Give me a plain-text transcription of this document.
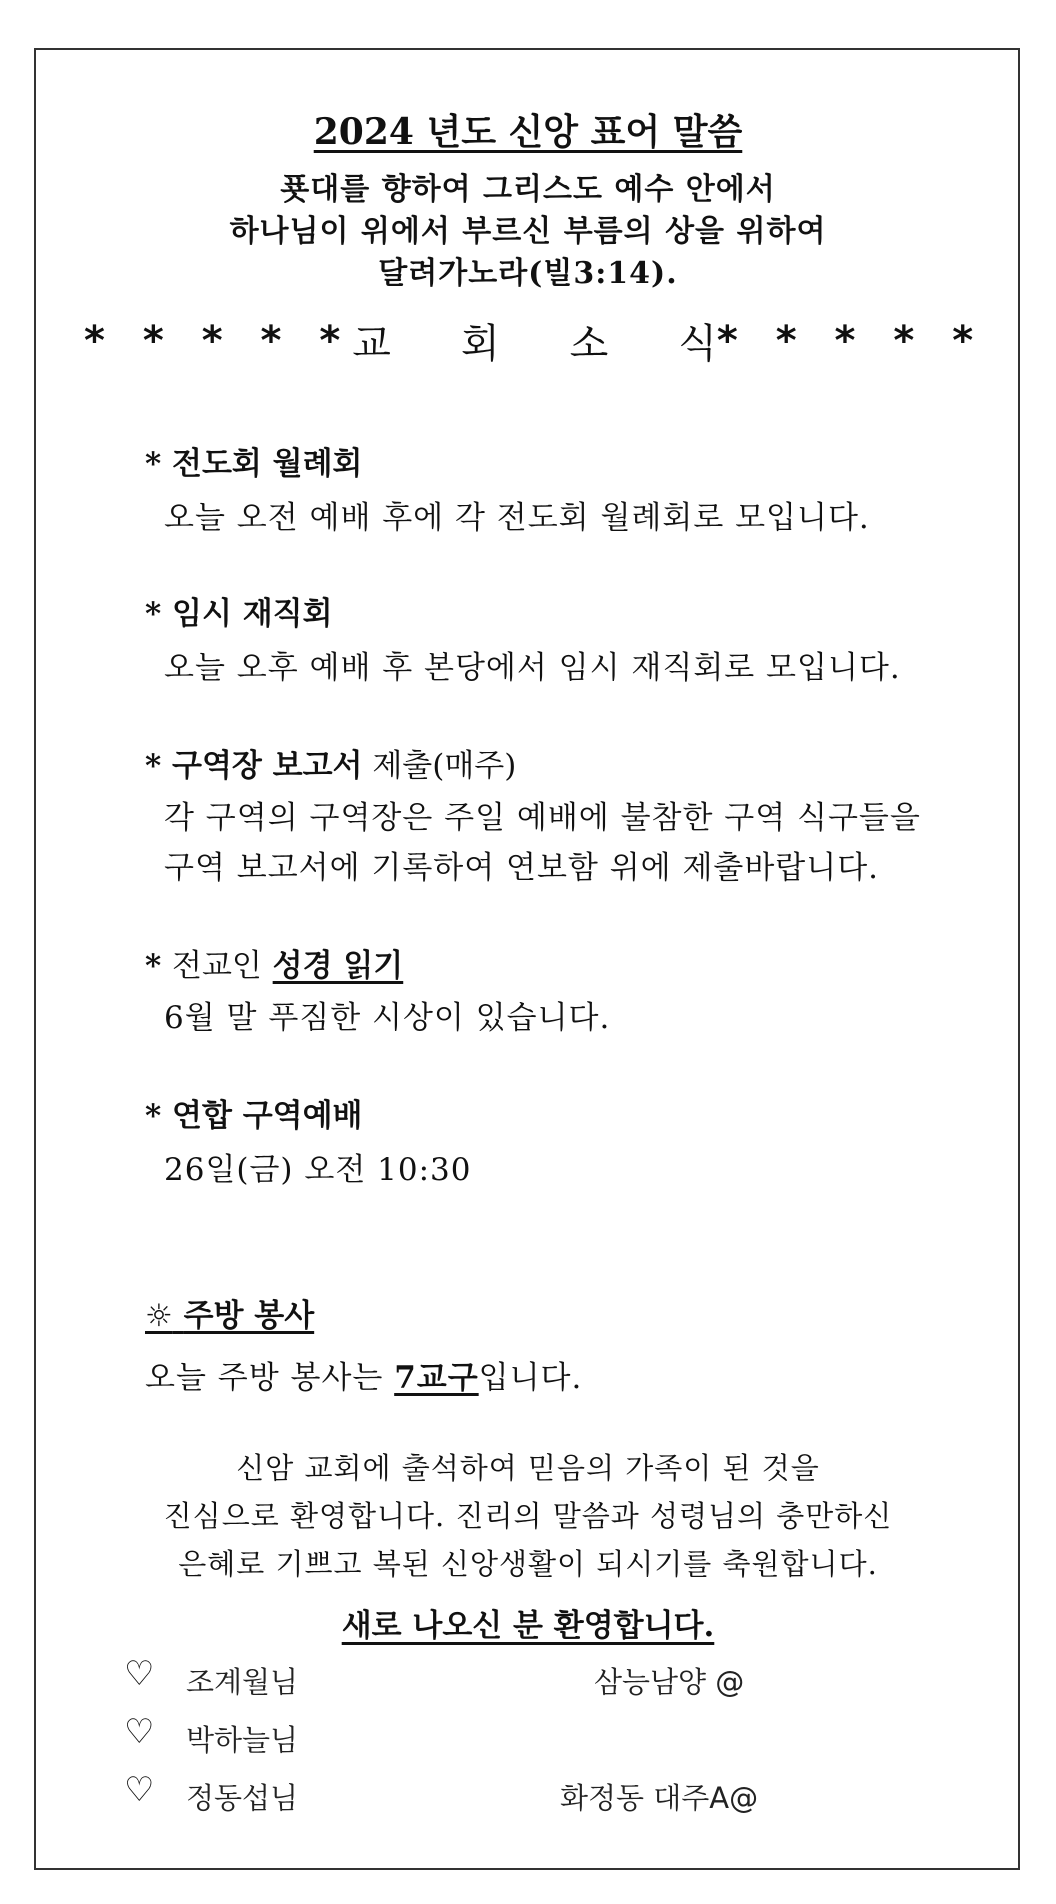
2024 년도 신앙 표어 말씀
푯대를 향하여 그리스도 예수 안에서
하나님이 위에서 부르신 부름의 상을 위하여
달려가노라(빌3:14).
* * * * * 교 회 소 식 * * * * *
* 전도회 월례회
오늘 오전 예배 후에 각 전도회 월례회로 모입니다.
* 임시 재직회
오늘 오후 예배 후 본당에서 임시 재직회로 모입니다.
* 구역장 보고서 제출(매주)
각 구역의 구역장은 주일 예배에 불참한 구역 식구들을
구역 보고서에 기록하여 연보함 위에 제출바랍니다.
* 전교인 성경 읽기
6월 말 푸짐한 시상이 있습니다.
* 연합 구역예배
26일(금) 오전 10:30
☼ 주방 봉사
오늘 주방 봉사는 7교구입니다.
신암 교회에 출석하여 믿음의 가족이 된 것을
진심으로 환영합니다. 진리의 말씀과 성령님의 충만하신
은혜로 기쁘고 복된 신앙생활이 되시기를 축원합니다.
새로 나오신 분 환영합니다.
♡ 조계월님	삼능남양 @
♡ 박하늘님
♡ 정동섭님	화정동 대주A@
